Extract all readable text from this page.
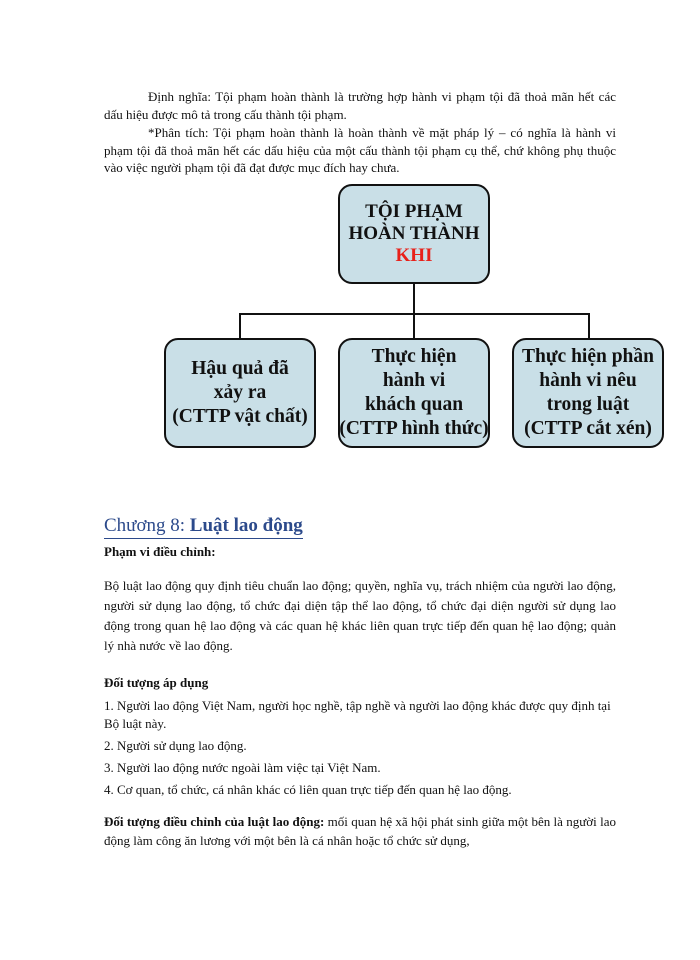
Định nghĩa: Tội phạm hoàn thành là trường hợp hành vi phạm tội đã thoả mãn hết các dấu hiệu được mô tả trong cấu thành tội phạm.

*Phân tích: Tội phạm hoàn thành là hoàn thành về mặt pháp lý – có nghĩa là hành vi phạm tội đã thoả mãn hết các dấu hiệu của một cấu thành tội phạm cụ thể, chứ không phụ thuộc vào việc người phạm tội đã đạt được mục đích hay chưa.

TỘI PHẠM
HOÀN THÀNH
KHI
Hậu quả đã
xảy ra
(CTTP vật chất)
Thực hiện
hành vi
khách quan
(CTTP hình thức)
Thực hiện phần
hành vi nêu
trong luật
(CTTP cắt xén)
Chương 8: Luật lao động

Phạm vi điều chỉnh:

Bộ luật lao động quy định tiêu chuẩn lao động; quyền, nghĩa vụ, trách nhiệm của người lao động, người sử dụng lao động, tổ chức đại diện tập thể lao động, tổ chức đại diện người sử dụng lao động trong quan hệ lao động và các quan hệ khác liên quan trực tiếp đến quan hệ lao động; quản lý nhà nước về lao động.

Đối tượng áp dụng

1. Người lao động Việt Nam, người học nghề, tập nghề và người lao động khác được quy định tại Bộ luật này.

2. Người sử dụng lao động.

3. Người lao động nước ngoài làm việc tại Việt Nam.

4. Cơ quan, tổ chức, cá nhân khác có liên quan trực tiếp đến quan hệ lao động.

Đối tượng điều chỉnh của luật lao động: mối quan hệ xã hội phát sinh giữa một bên là người lao động làm công ăn lương với một bên là cá nhân hoặc tổ chức sử dụng,
